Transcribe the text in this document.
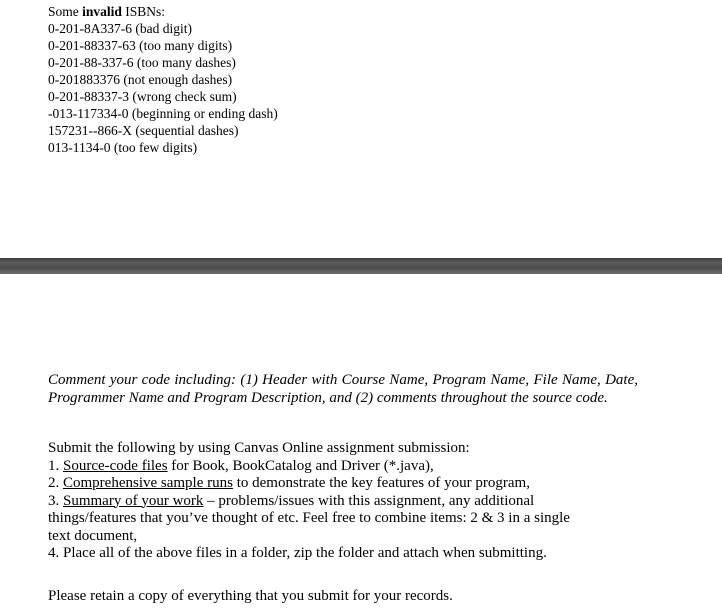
Some invalid ISBNs:
0-201-8A337-6 (bad digit)
0-201-88337-63 (too many digits)
0-201-88-337-6 (too many dashes)
0-201883376 (not enough dashes)
0-201-88337-3 (wrong check sum)
-013-117334-0 (beginning or ending dash)
157231--866-X (sequential dashes)
013-1134-0 (too few digits)
Comment your code including: (1) Header with Course Name, Program Name, File Name, Date, Programmer Name and Program Description, and (2) comments throughout the source code.
Submit the following by using Canvas Online assignment submission:
1. Source-code files for Book, BookCatalog and Driver (*.java),
2. Comprehensive sample runs to demonstrate the key features of your program,
3. Summary of your work – problems/issues with this assignment, any additional
things/features that you’ve thought of etc. Feel free to combine items: 2 & 3 in a single
text document,
4. Place all of the above files in a folder, zip the folder and attach when submitting.
Please retain a copy of everything that you submit for your records.
